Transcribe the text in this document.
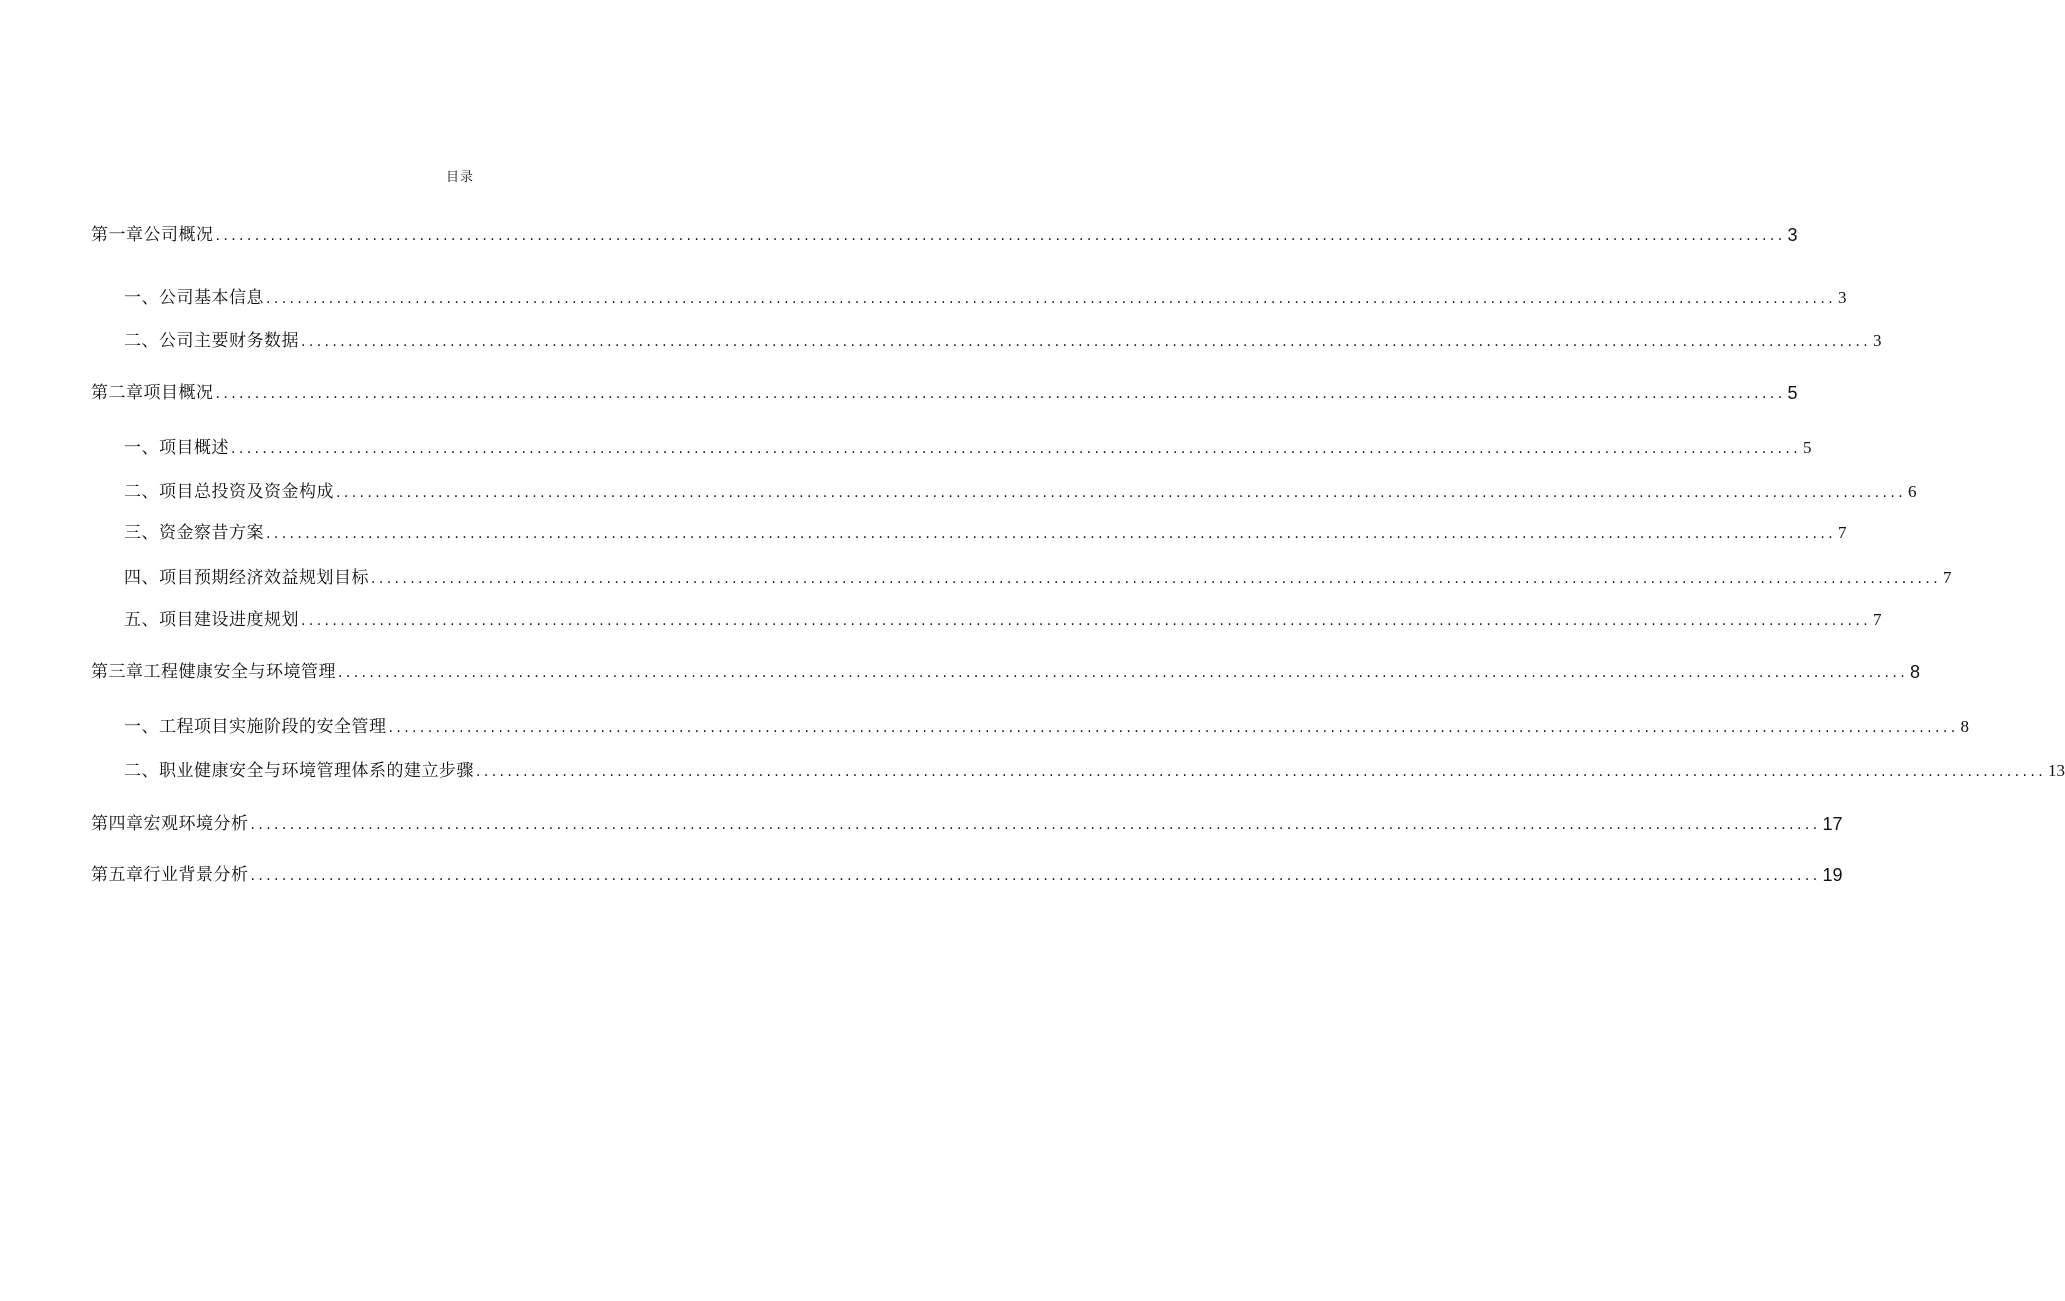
目录
第一章公司概况 ........................................................................................................................................................................................................ 3
一、公司基本信息 ........................................................................................................................................................................................................ 3
二、公司主要财务数据 ........................................................................................................................................................................................................ 3
第二章项目概况 ........................................................................................................................................................................................................ 5
一、项目概述 ........................................................................................................................................................................................................ 5
二、项目总投资及资金构成 ........................................................................................................................................................................................................ 6
三、资金察昔方案 ........................................................................................................................................................................................................ 7
四、项目预期经济效益规划目标 ........................................................................................................................................................................................................ 7
五、项目建设进度规划 ........................................................................................................................................................................................................ 7
第三章工程健康安全与环境管理 ........................................................................................................................................................................................................ 8
一、工程项目实施阶段的安全管理 ........................................................................................................................................................................................................ 8
二、职业健康安全与环境管理体系的建立步骤 ........................................................................................................................................................................................................ 13
第四章宏观环境分析 ........................................................................................................................................................................................................ 17
第五章行业背景分析 ........................................................................................................................................................................................................ 19
